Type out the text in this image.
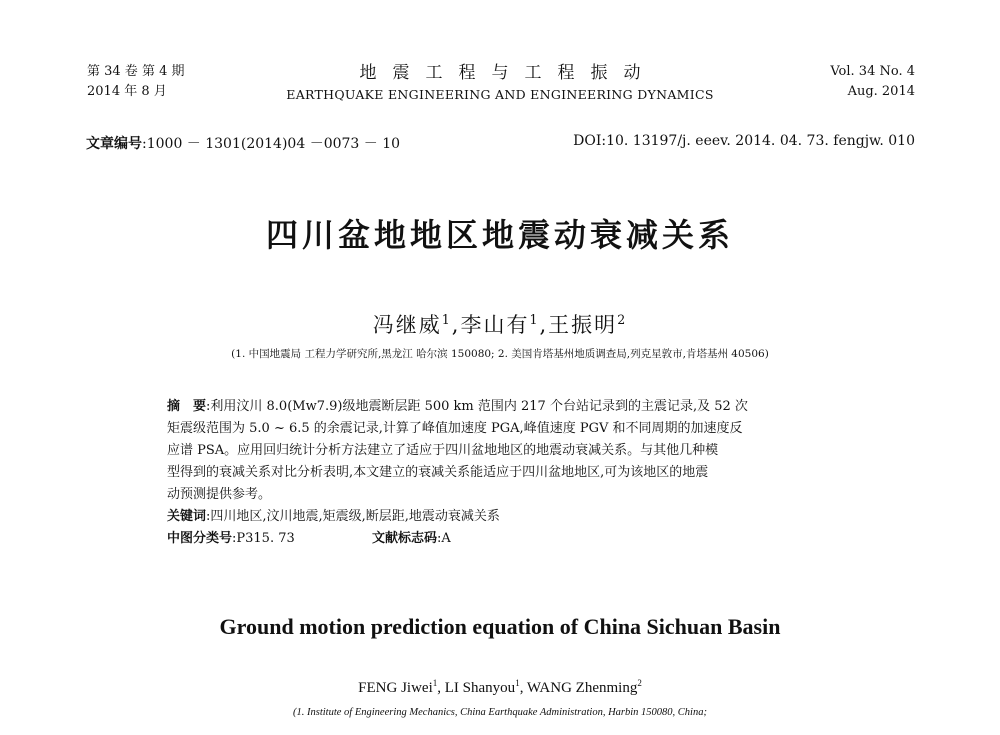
第 34 卷 第 4 期
2014 年 8 月
地震工程与工程振动
EARTHQUAKE ENGINEERING AND ENGINEERING DYNAMICS
Vol. 34 No. 4
Aug. 2014
文章编号:1000 － 1301(2014)04 －0073 － 10	DOI:10. 13197/j. eeev. 2014. 04. 73. fengjw. 010
四川盆地地区地震动衰减关系
冯继威$^1$,李山有$^1$,王振明$^2$
(1. 中国地震局 工程力学研究所,黑龙江 哈尔滨 150080; 2. 美国肯塔基州地质调查局,列克星敦市,肯塔基州 40506)
摘　要:利用汶川 8.0(Mw7.9)级地震断层距 500 km 范围内 217 个台站记录到的主震记录,及 52 次
矩震级范围为 5.0 ~ 6.5 的余震记录,计算了峰值加速度 PGA,峰值速度 PGV 和不同周期的加速度反
应谱 PSA。应用回归统计分析方法建立了适应于四川盆地地区的地震动衰减关系。与其他几种模
型得到的衰减关系对比分析表明,本文建立的衰减关系能适应于四川盆地地区,可为该地区的地震
动预测提供参考。
关键词:四川地区,汶川地震,矩震级,断层距,地震动衰减关系
中图分类号:P315. 73	文献标志码:A
Ground motion prediction equation of China Sichuan Basin
FENG Jiwei$^1$, LI Shanyou$^1$, WANG Zhenming$^2$
(1. Institute of Engineering Mechanics, China Earthquake Administration, Harbin 150080, China;
